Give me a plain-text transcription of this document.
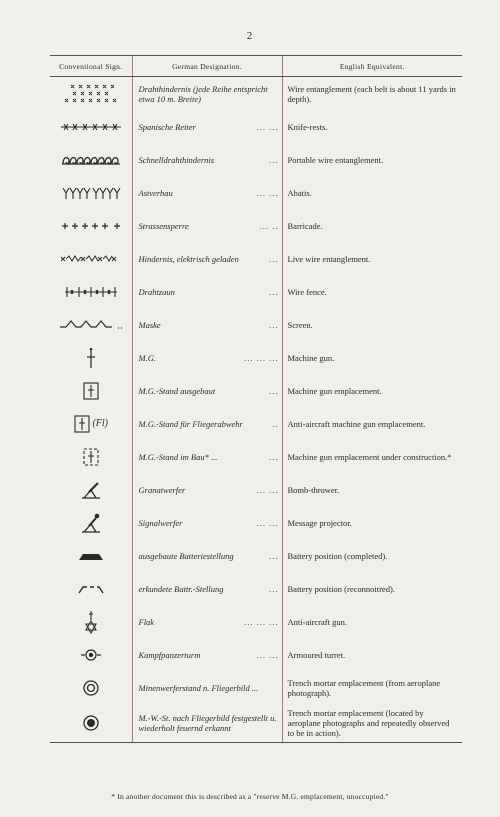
2
Conventional Sign.	German Designation.	English Equivalent.

Drahthindernis (jede Reihe entspricht etwa 10 m. Breite)	Wire entanglement (each belt is about 11 yards in depth).

Spanische Reiter ... ...	Knife-rests.

Schnelldrahthindernis ...	Portable wire entanglement.

Astverhau ... ...	Abatis.

Strassensperre ... ..	Barricade.

Hindernis, elektrisch geladen ...	Live wire entanglement.

Drahtzaun ...	Wire fence.

Maske ...	Screen.

M.G. ... ... ...	Machine gun.

M.G.-Stand ausgebaut ...	Machine gun emplacement.

(Fl)	M.G.-Stand für Fliegerabwehr ..	Anti-aircraft machine gun emplacement.

M.G.-Stand im Bau* ... ...	Machine gun emplacement under construction.*

Granatwerfer ... ...	Bomb-thrower.

Signalwerfer ... ...	Message projector.

ausgebaute Batteriestellung ...	Battery position (completed).

erkundete Battr.-Stellung ...	Battery position (reconnoitred).

Flak ... ... ...	Anti-aircraft gun.

Kampfpanzerturm ... ...	Armoured turret.

Minenwerferstand n. Fliegerbild ...	Trench mortar emplacement (from aeroplane photograph).

M.-W.-St. nach Fliegerbild festgestellt u. wiederholt feuernd erkannt	Trench mortar emplacement (located by aeroplane photographs and repeatedly observed to be in action).
* In another document this is described as a "reserve M.G. emplacement, unoccupied."
